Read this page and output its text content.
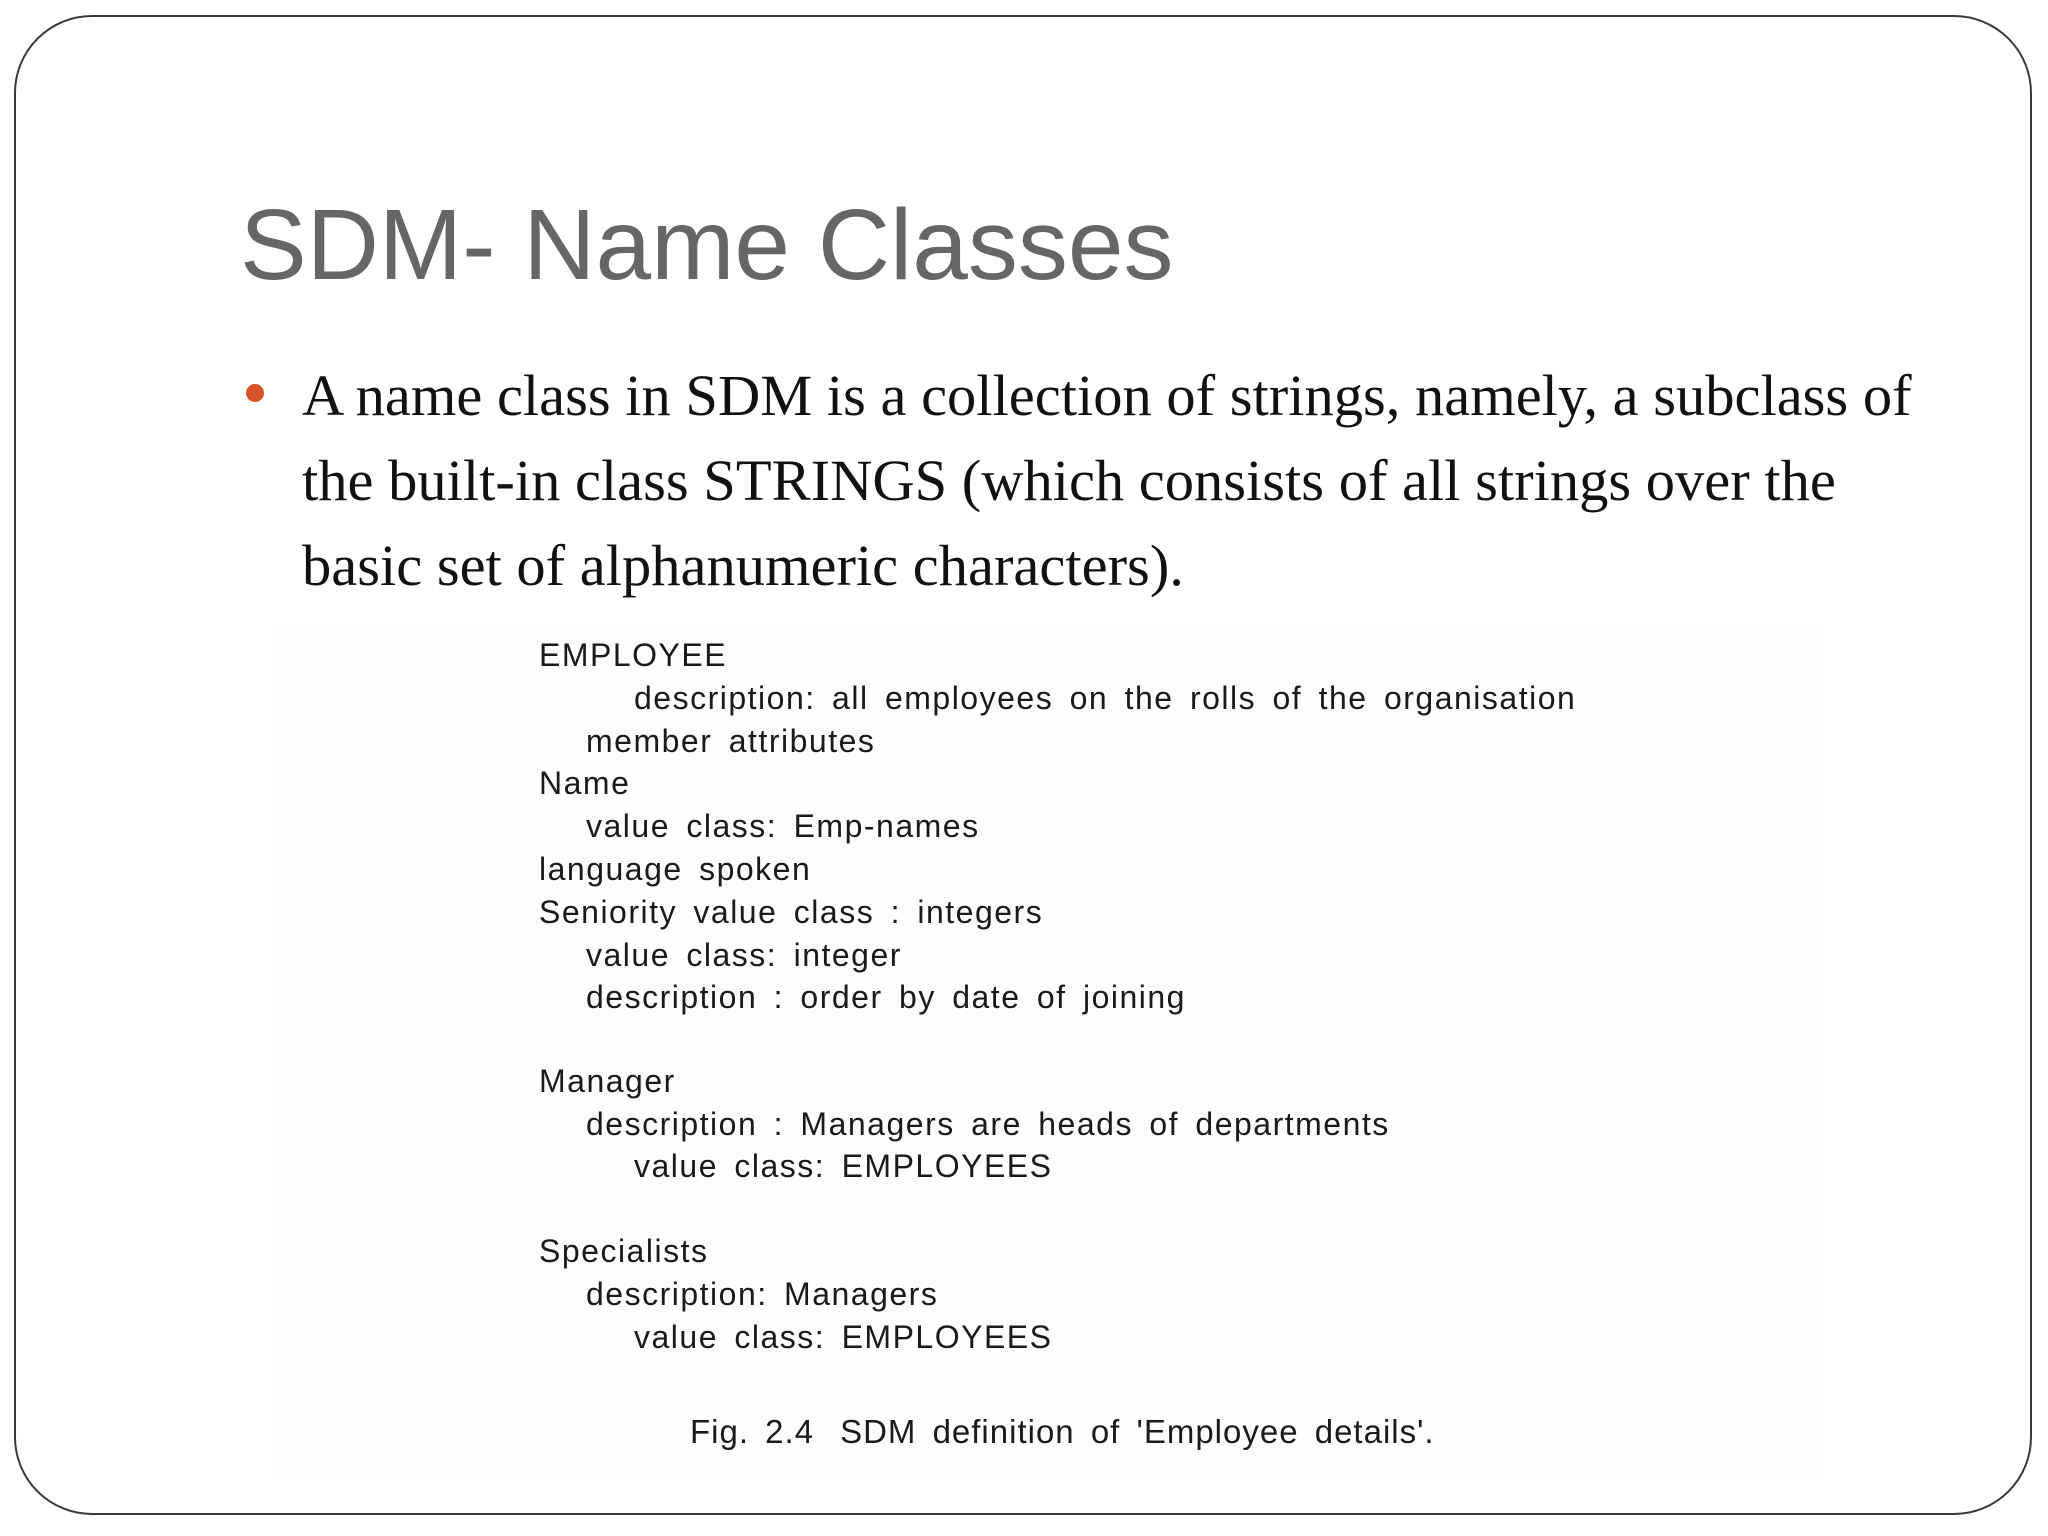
SDM- Name Classes
A name class in SDM is a collection of strings, namely, a subclass of the built-in class STRINGS (which consists of all strings over the basic set of alphanumeric characters).
EMPLOYEE
description: all employees on the rolls of the organisation
member attributes
Name
value class: Emp-names
language spoken
Seniority value class : integers
value class: integer
description : order by date of joining
Manager
description : Managers are heads of departments
value class: EMPLOYEES
Specialists
description: Managers
value class: EMPLOYEES
Fig. 2.4 SDM definition of 'Employee details'.
